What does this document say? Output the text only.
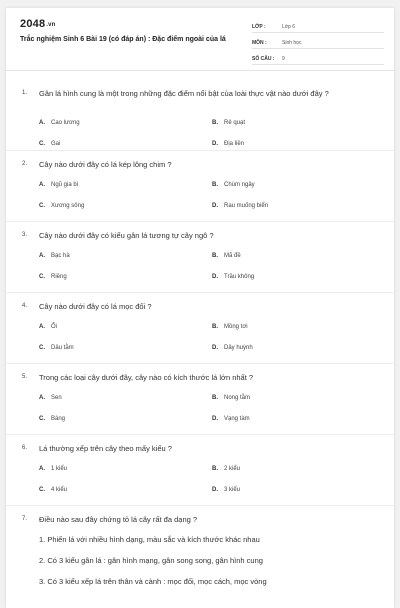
2048.vn
Trắc nghiệm Sinh 6 Bài 19 (có đáp án) : Đặc điểm ngoài của lá
LỚP :	Lớp 6
MÔN :	Sinh học
SỐ CÂU :	9
1. Gân lá hình cung là một trong những đặc điểm nổi bật của loài thực vật nào dưới đây ?
A. Cao lương	B. Rẻ quạt
C. Gai	D. Địa liền
2. Cây nào dưới đây có lá kép lông chim ?
A. Ngũ gia bì	B. Chùm ngây
C. Xương sông	D. Rau muống biển
3. Cây nào dưới đây có kiểu gân lá tương tự cây ngô ?
A. Bạc hà	B. Mã đề
C. Riềng	D. Trầu không
4. Cây nào dưới đây có lá mọc đối ?
A. Ổi	B. Mồng tơi
C. Dâu tằm	D. Dây huỳnh
5. Trong các loại cây dưới đây, cây nào có kích thước lá lớn nhất ?
A. Sen	B. Nong tằm
C. Bàng	D. Vạng tàm
6. Lá thường xếp trên cây theo mấy kiểu ?
A. 1 kiểu	B. 2 kiểu
C. 4 kiểu	D. 3 kiểu
7. Điều nào sau đây chứng tỏ lá cây rất đa dạng ?
1. Phiến lá với nhiều hình dạng, màu sắc và kích thước khác nhau
2. Có 3 kiểu gân lá : gân hình mạng, gân song song, gân hình cung
3. Có 3 kiểu xếp lá trên thân và cành : mọc đối, mọc cách, mọc vòng
